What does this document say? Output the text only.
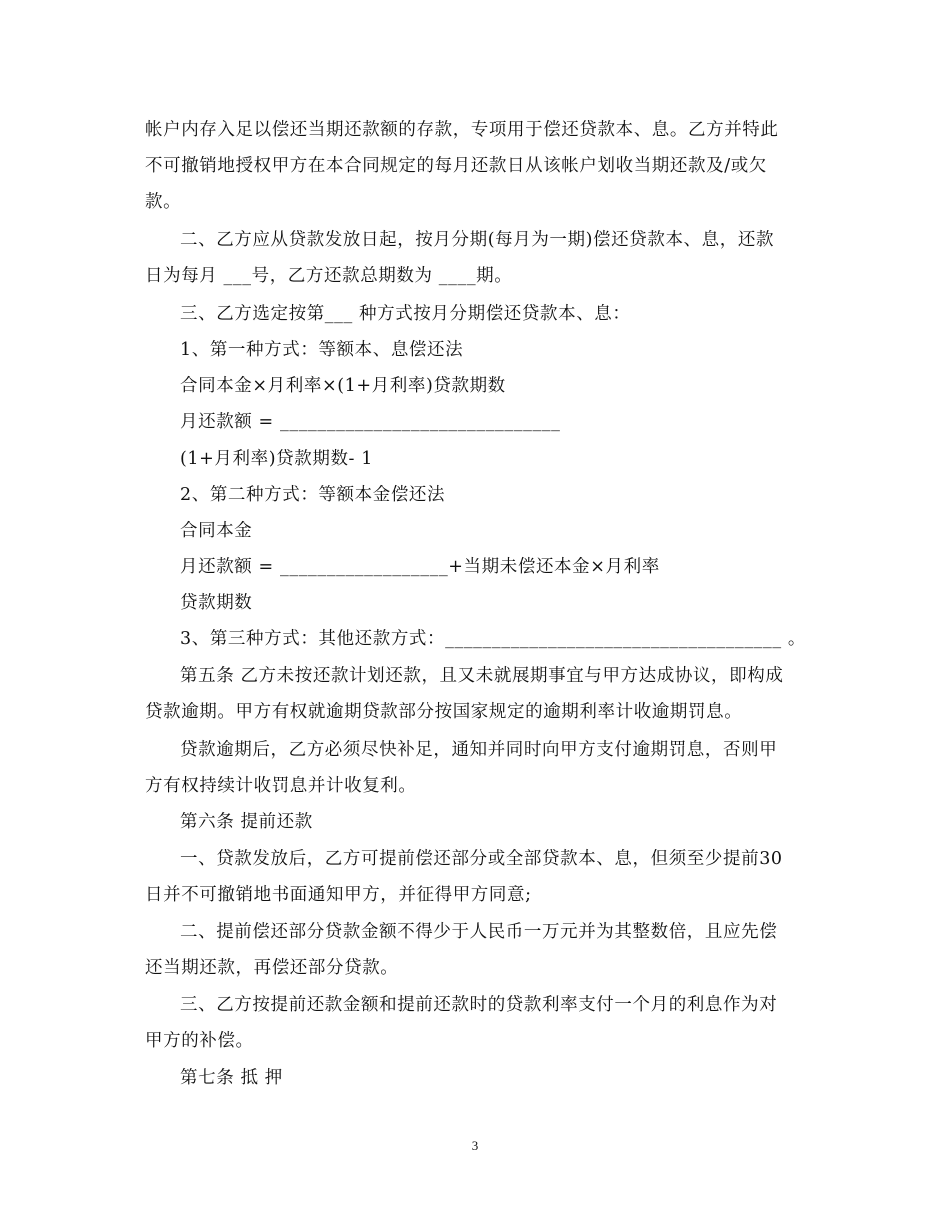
帐户内存入足以偿还当期还款额的存款，专项用于偿还贷款本、息。乙方并特此
不可撤销地授权甲方在本合同规定的每月还款日从该帐户划收当期还款及/或欠
款。
二、乙方应从贷款发放日起，按月分期(每月为一期)偿还贷款本、息，还款
日为每月 ___号，乙方还款总期数为 ____期。
三、乙方选定按第___ 种方式按月分期偿还贷款本、息：
1、第一种方式：等额本、息偿还法
合同本金×月利率×(1+月利率)贷款期数
月还款额 = ______________________________
(1+月利率)贷款期数- 1
2、第二种方式：等额本金偿还法
合同本金
月还款额 = __________________+当期未偿还本金×月利率
贷款期数
3、第三种方式：其他还款方式：____________________________________ 。
第五条 乙方未按还款计划还款，且又未就展期事宜与甲方达成协议，即构成
贷款逾期。甲方有权就逾期贷款部分按国家规定的逾期利率计收逾期罚息。
贷款逾期后，乙方必须尽快补足，通知并同时向甲方支付逾期罚息，否则甲
方有权持续计收罚息并计收复利。
第六条 提前还款
一、贷款发放后，乙方可提前偿还部分或全部贷款本、息，但须至少提前30
日并不可撤销地书面通知甲方，并征得甲方同意;
二、提前偿还部分贷款金额不得少于人民币一万元并为其整数倍，且应先偿
还当期还款，再偿还部分贷款。
三、乙方按提前还款金额和提前还款时的贷款利率支付一个月的利息作为对
甲方的补偿。
第七条 抵 押
3
